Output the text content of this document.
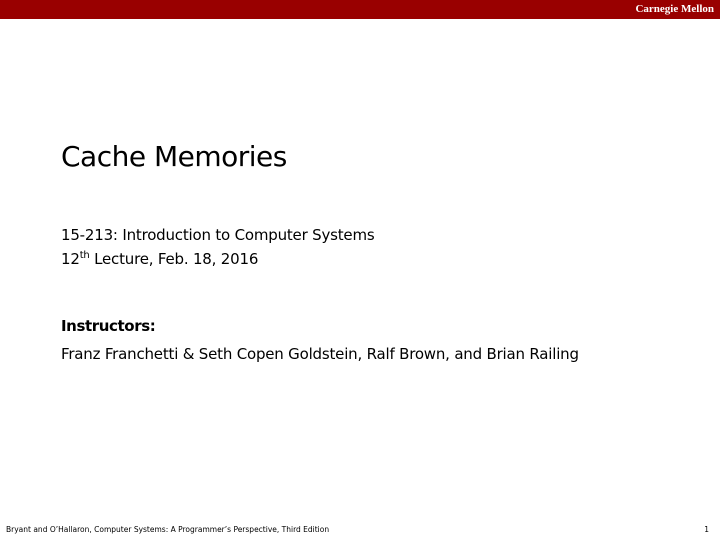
Carnegie Mellon
Cache Memories
15-213: Introduction to Computer Systems
12th Lecture, Feb. 18, 2016
Instructors:
Franz Franchetti & Seth Copen Goldstein, Ralf Brown, and Brian Railing
Bryant and O’Hallaron, Computer Systems: A Programmer’s Perspective, Third Edition	1
